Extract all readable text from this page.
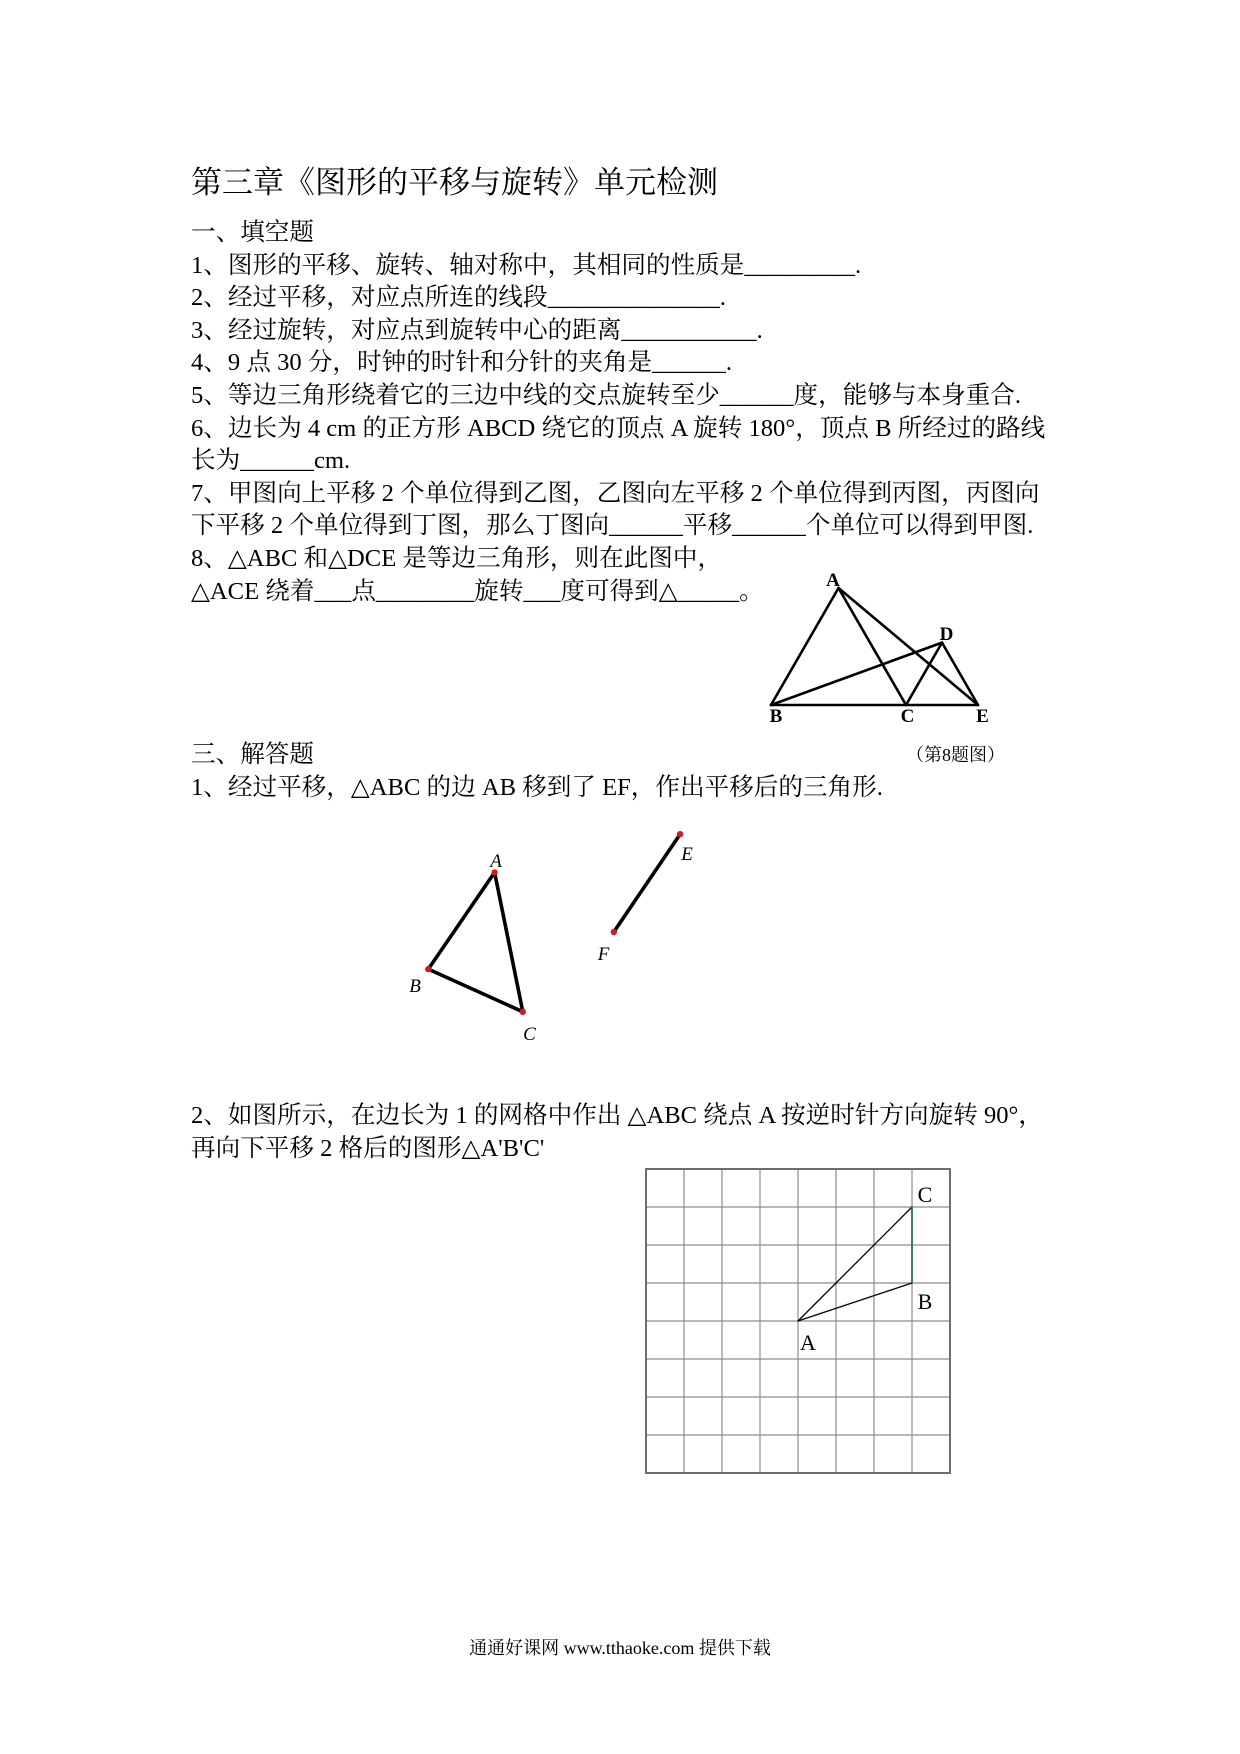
第三章《图形的平移与旋转》单元检测
一、填空题
1、图形的平移、旋转、轴对称中，其相同的性质是_________.
2、经过平移，对应点所连的线段______________.
3、经过旋转，对应点到旋转中心的距离___________.
4、9 点 30 分，时钟的时针和分针的夹角是______.
5、等边三角形绕着它的三边中线的交点旋转至少______度，能够与本身重合.
6、边长为 4 cm 的正方形 ABCD 绕它的顶点 A 旋转 180°，顶点 B 所经过的路线
长为______cm.
7、甲图向上平移 2 个单位得到乙图，乙图向左平移 2 个单位得到丙图，丙图向
下平移 2 个单位得到丁图，那么丁图向______平移______个单位可以得到甲图.
8、△ABC 和△DCE 是等边三角形，则在此图中，
△ACE 绕着___点________旋转___度可得到△_____。	A
B	C
D
E
（第8题图）
三、解答题
1、经过平移，△ABC 的边 AB 移到了 EF，作出平移后的三角形.
A
B
C
E
F
2、如图所示，在边长为 1 的网格中作出 △ABC 绕点 A 按逆时针方向旋转 90°，
再向下平移 2 格后的图形△A'B'C'
C
B
A
通通好课网 www.tthaoke.com 提供下载
